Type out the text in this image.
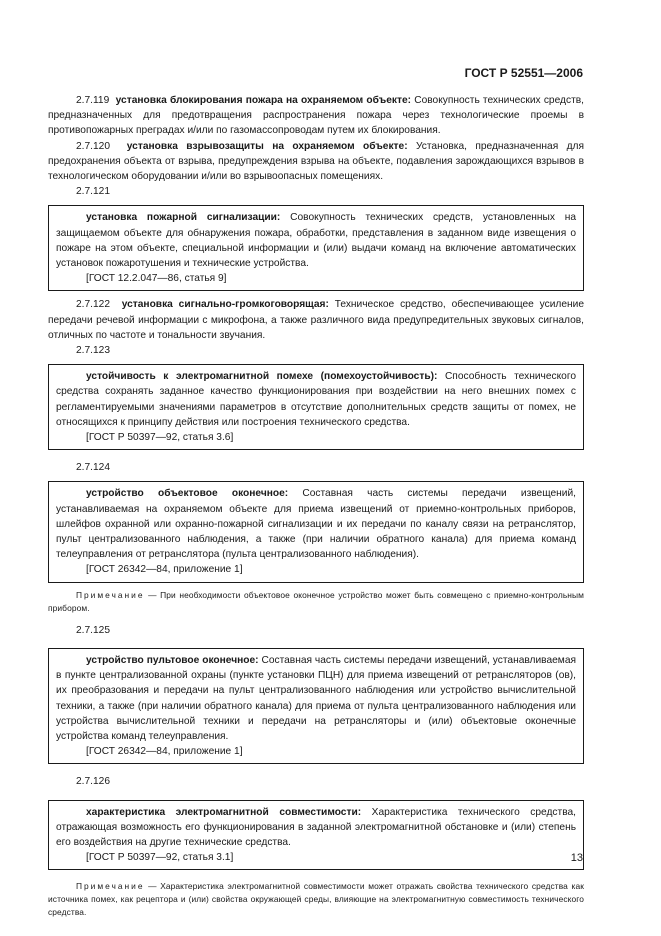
ГОСТ Р 52551—2006

2.7.119 установка блокирования пожара на охраняемом объекте: Совокупность технических средств, предназначенных для предотвращения распространения пожара через технологические проемы в противопожарных преградах и/или по газомассопроводам путем их блокирования.

2.7.120 установка взрывозащиты на охраняемом объекте: Установка, предназначенная для предохранения объекта от взрыва, предупреждения взрыва на объекте, подавления зарождающихся взрывов в технологическом оборудовании и/или во взрывоопасных помещениях.

2.7.121

установка пожарной сигнализации: Совокупность технических средств, установленных на защищаемом объекте для обнаружения пожара, обработки, представления в заданном виде извещения о пожаре на этом объекте, специальной информации и (или) выдачи команд на включение автоматических установок пожаротушения и технические устройства.

[ГОСТ 12.2.047—86, статья 9]

2.7.122 установка сигнально-громкоговорящая: Техническое средство, обеспечивающее усиление передачи речевой информации с микрофона, а также различного вида предупредительных звуковых сигналов, отличных по частоте и тональности звучания.

2.7.123

устойчивость к электромагнитной помехе (помехоустойчивость): Способность технического средства сохранять заданное качество функционирования при воздействии на него внешних помех с регламентируемыми значениями параметров в отсутствие дополнительных средств защиты от помех, не относящихся к принципу действия или построения технического средства.

[ГОСТ Р 50397—92, статья 3.6]
2.7.124

устройство объектовое оконечное: Составная часть системы передачи извещений, устанавливаемая на охраняемом объекте для приема извещений от приемно-контрольных приборов, шлейфов охранной или охранно-пожарной сигнализации и их передачи по каналу связи на ретранслятор, пульт централизованного наблюдения, а также (при наличии обратного канала) для приема команд телеуправления от ретранслятора (пульта централизованного наблюдения).

[ГОСТ 26342—84, приложение 1]

Примечание — При необходимости объектовое оконечное устройство может быть совмещено с приемно-контрольным прибором.

2.7.125

устройство пультовое оконечное: Составная часть системы передачи извещений, устанавливаемая в пункте централизованной охраны (пункте установки ПЦН) для приема извещений от ретрансляторов (ов), их преобразования и передачи на пульт централизованного наблюдения или устройство вычислительной техники, а также (при наличии обратного канала) для приема от пульта централизованного наблюдения или устройства вычислительной техники и передачи на ретрансляторы и (или) объектовые оконечные устройства команд телеуправления.

[ГОСТ 26342—84, приложение 1]
2.7.126

характеристика электромагнитной совместимости: Характеристика технического средства, отражающая возможность его функционирования в заданной электромагнитной обстановке и (или) степень его воздействия на другие технические средства.

[ГОСТ Р 50397—92, статья 3.1]

Примечание — Характеристика электромагнитной совместимости может отражать свойства технического средства как источника помех, как рецептора и (или) свойства окружающей среды, влияющие на электромагнитную совместимость технического средства.

13
